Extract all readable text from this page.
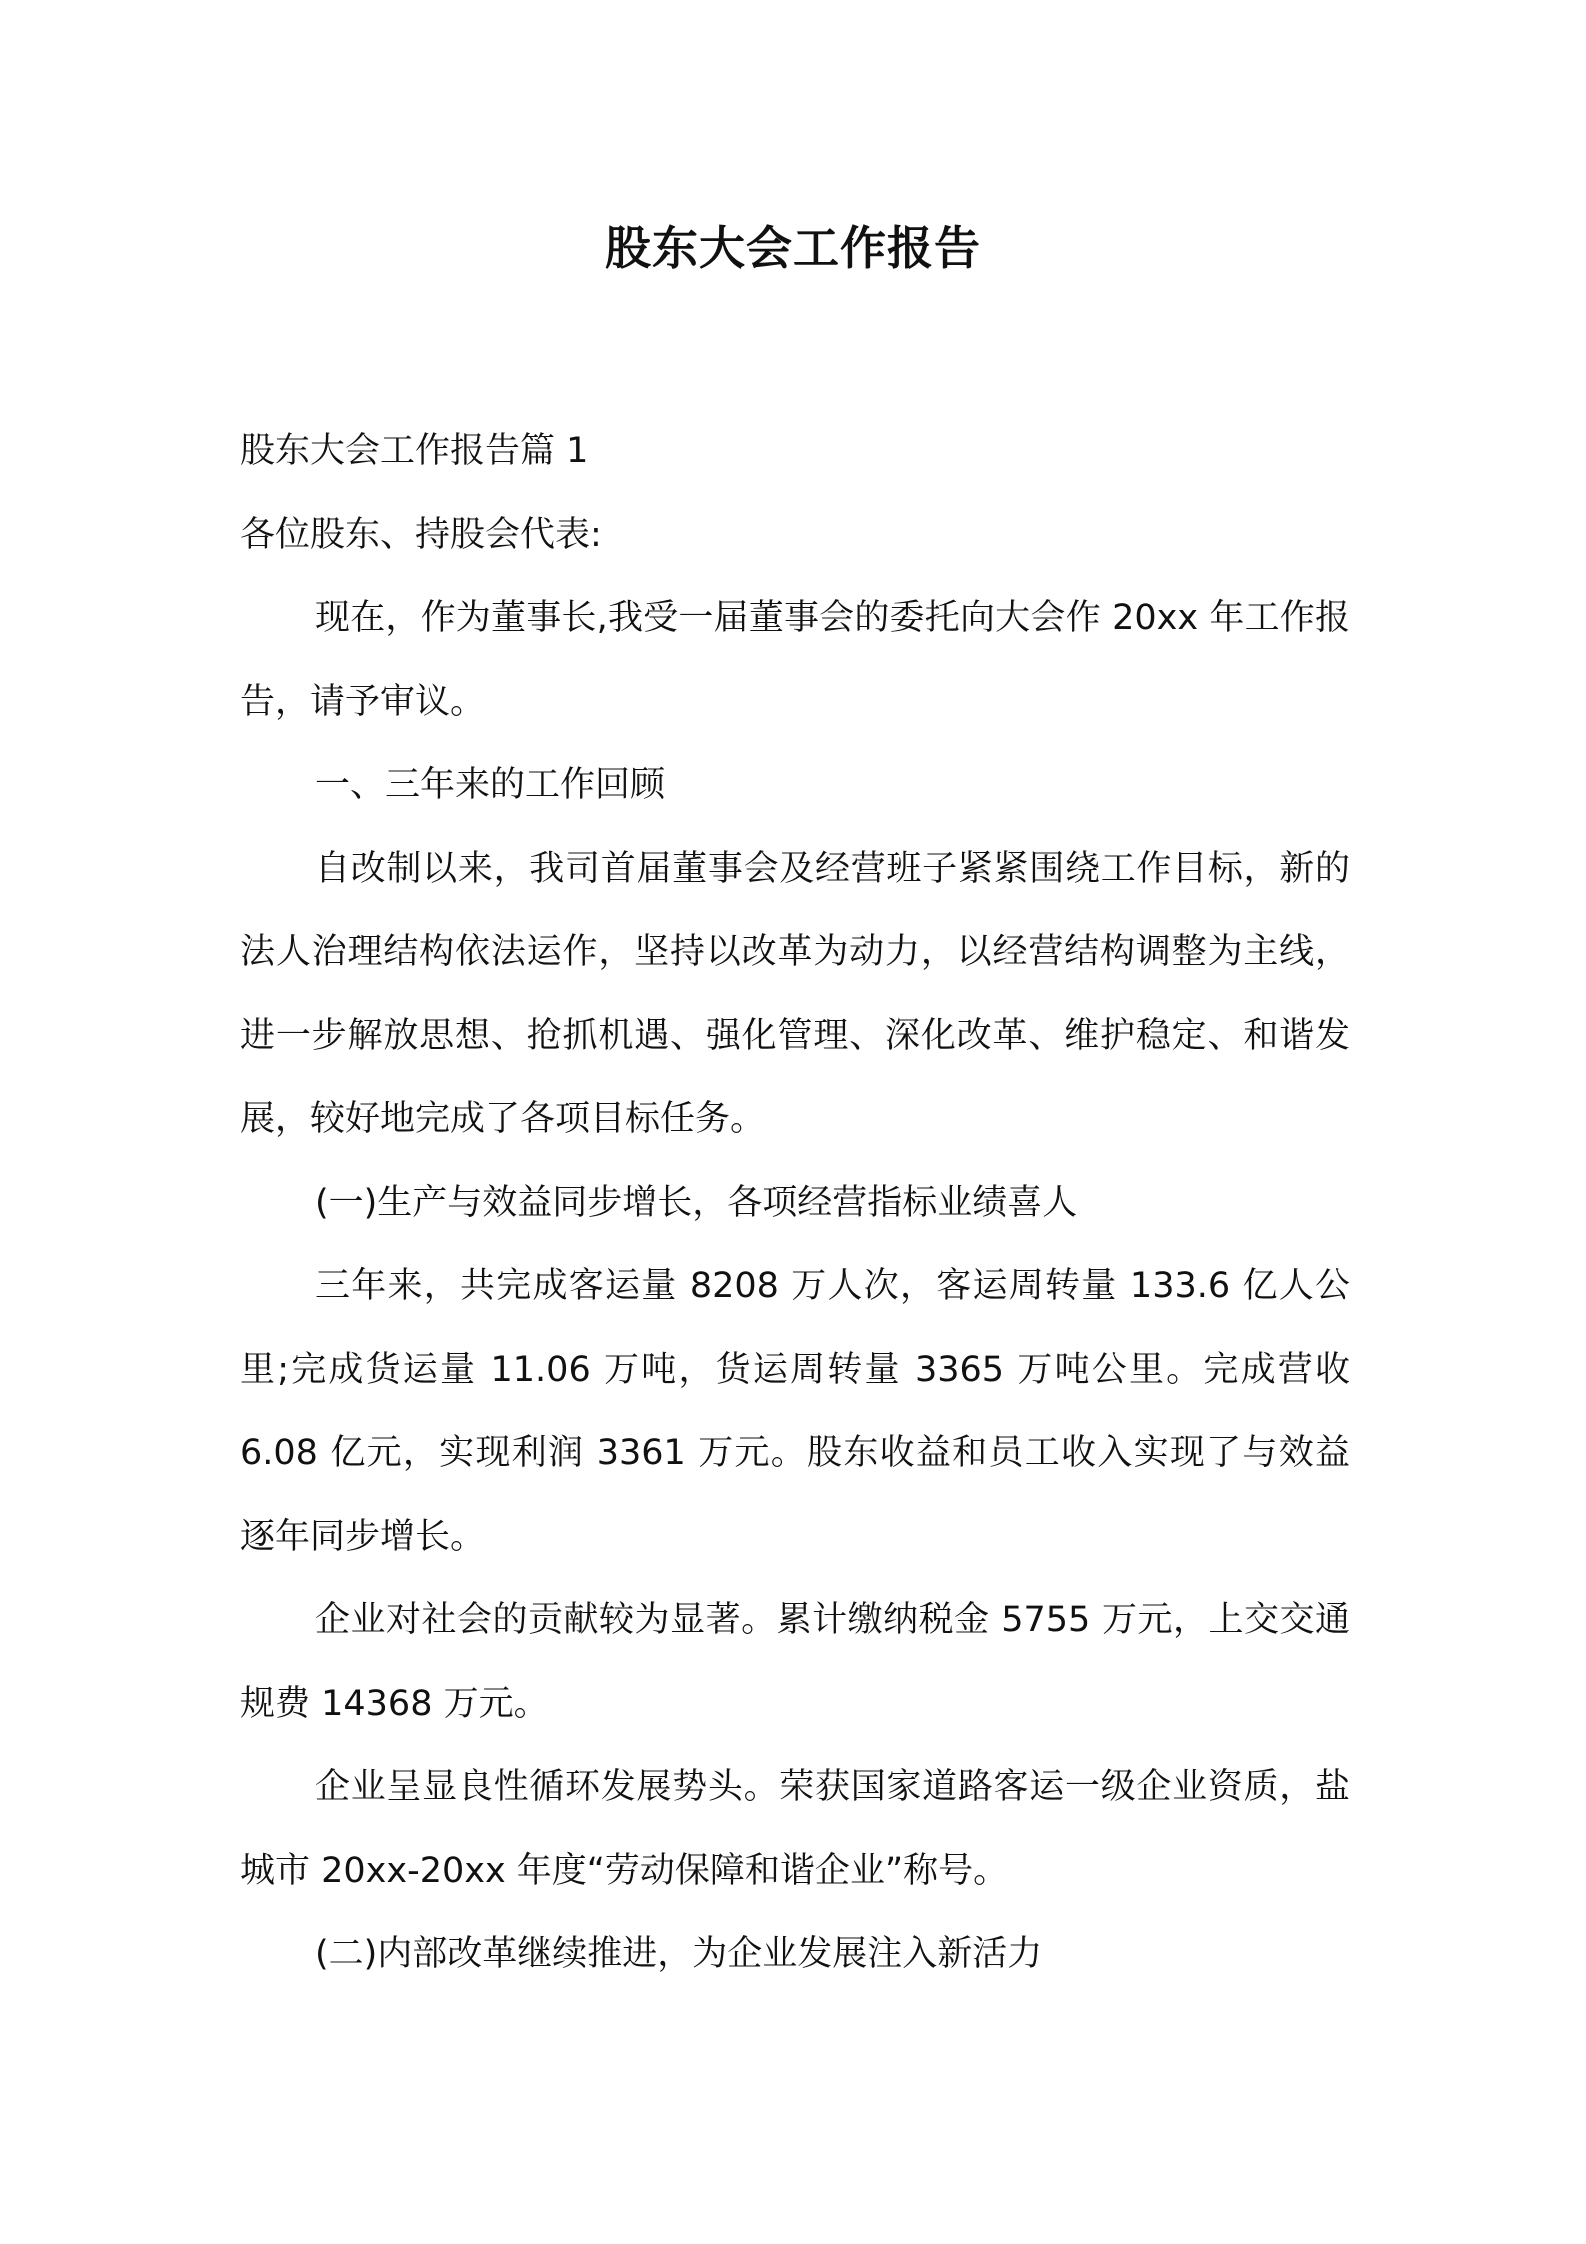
股东大会工作报告

股东大会工作报告篇 1

各位股东、持股会代表:

现在，作为董事长,我受一届董事会的委托向大会作 20xx 年工作报告，请予审议。

一、三年来的工作回顾

自改制以来，我司首届董事会及经营班子紧紧围绕工作目标，新的法人治理结构依法运作，坚持以改革为动力，以经营结构调整为主线，进一步解放思想、抢抓机遇、强化管理、深化改革、维护稳定、和谐发展，较好地完成了各项目标任务。

(一)生产与效益同步增长，各项经营指标业绩喜人

三年来，共完成客运量 8208 万人次，客运周转量 133.6 亿人公里;完成货运量 11.06 万吨，货运周转量 3365 万吨公里。完成营收 6.08 亿元，实现利润 3361 万元。股东收益和员工收入实现了与效益逐年同步增长。

企业对社会的贡献较为显著。累计缴纳税金 5755 万元，上交交通规费 14368 万元。

企业呈显良性循环发展势头。荣获国家道路客运一级企业资质，盐城市 20xx-20xx 年度“劳动保障和谐企业”称号。

(二)内部改革继续推进，为企业发展注入新活力
